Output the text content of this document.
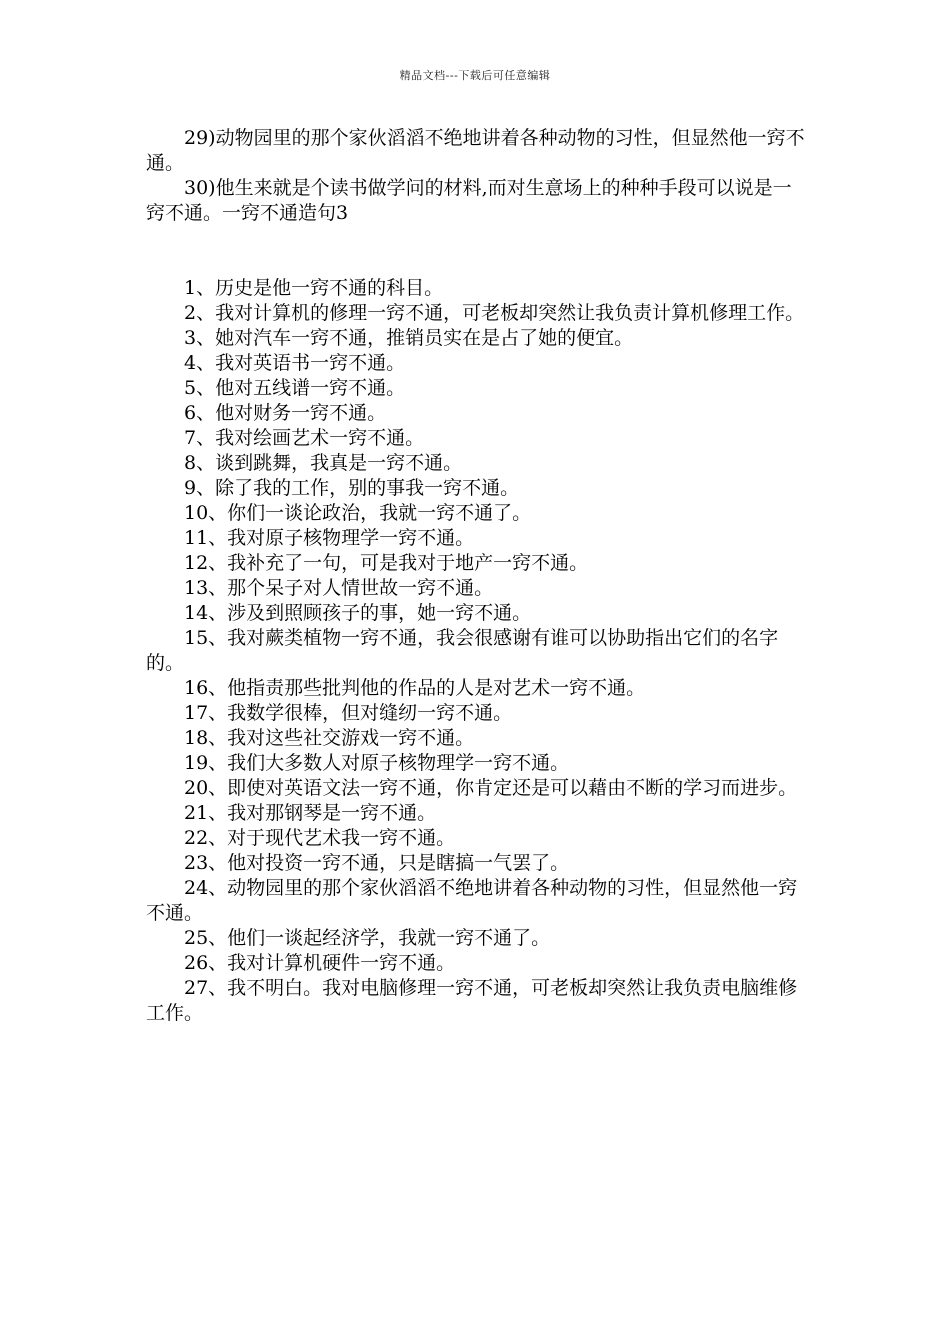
精品文档---下载后可任意编辑

29)动物园里的那个家伙滔滔不绝地讲着各种动物的习性，但显然他一窍不通。

30)他生来就是个读书做学问的材料,而对生意场上的种种手段可以说是一窍不通。一窍不通造句3

1、历史是他一窍不通的科目。

2、我对计算机的修理一窍不通，可老板却突然让我负责计算机修理工作。

3、她对汽车一窍不通，推销员实在是占了她的便宜。

4、我对英语书一窍不通。

5、他对五线谱一窍不通。

6、他对财务一窍不通。

7、我对绘画艺术一窍不通。

8、谈到跳舞，我真是一窍不通。

9、除了我的工作，别的事我一窍不通。

10、你们一谈论政治，我就一窍不通了。

11、我对原子核物理学一窍不通。

12、我补充了一句，可是我对于地产一窍不通。

13、那个呆子对人情世故一窍不通。

14、涉及到照顾孩子的事，她一窍不通。

15、我对蕨类植物一窍不通，我会很感谢有谁可以协助指出它们的名字的。

16、他指责那些批判他的作品的人是对艺术一窍不通。

17、我数学很棒，但对缝纫一窍不通。

18、我对这些社交游戏一窍不通。

19、我们大多数人对原子核物理学一窍不通。

20、即使对英语文法一窍不通，你肯定还是可以藉由不断的学习而进步。

21、我对那钢琴是一窍不通。

22、对于现代艺术我一窍不通。

23、他对投资一窍不通，只是瞎搞一气罢了。

24、动物园里的那个家伙滔滔不绝地讲着各种动物的习性，但显然他一窍不通。

25、他们一谈起经济学，我就一窍不通了。

26、我对计算机硬件一窍不通。

27、我不明白。我对电脑修理一窍不通，可老板却突然让我负责电脑维修工作。
